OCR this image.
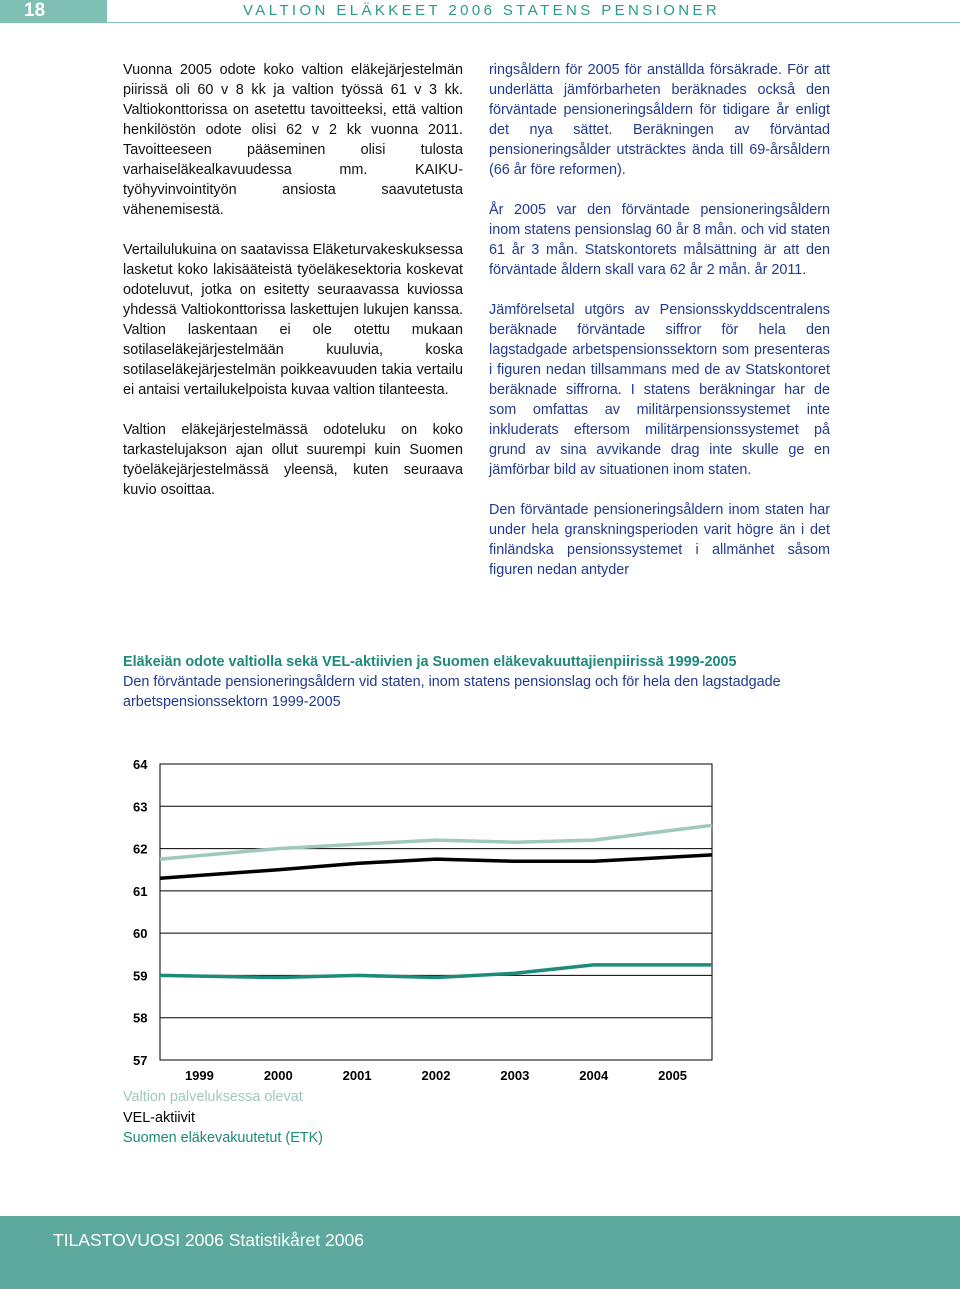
18	VALTION ELÄKKEET 2006 STATENS PENSIONER

Vuonna 2005 odote koko valtion eläkejärjestelmän piirissä oli 60 v 8 kk ja valtion työssä 61 v 3 kk. Valtiokonttorissa on asetettu tavoitteeksi, että valtion henkilöstön odote olisi 62 v 2 kk vuonna 2011. Tavoitteeseen pääseminen olisi tulosta varhaiseläkealkavuudessa mm. KAIKU-työhyvinvointityön ansiosta saavutetusta vähenemisestä.

Vertailulukuina on saatavissa Eläketurvakeskuksessa lasketut koko lakisääteistä työeläkesektoria koskevat odoteluvut, jotka on esitetty seuraavassa kuviossa yhdessä Valtiokonttorissa laskettujen lukujen kanssa. Valtion laskentaan ei ole otettu mukaan sotilaseläkejärjestelmään kuuluvia, koska sotilaseläkejärjestelmän poikkeavuuden takia vertailu ei antaisi vertailukelpoista kuvaa valtion tilanteesta.

Valtion eläkejärjestelmässä odoteluku on koko tarkastelujakson ajan ollut suurempi kuin Suomen työeläkejärjestelmässä yleensä, kuten seuraava kuvio osoittaa.

ringsåldern för 2005 för anställda försäkrade. För att underlätta jämförbarheten beräknades också den förväntade pensioneringsåldern för tidigare år enligt det nya sättet. Beräkningen av förväntad pensioneringsålder utsträcktes ända till 69-årsåldern (66 år före reformen).

År 2005 var den förväntade pensioneringsåldern inom statens pensionslag 60 år 8 mån. och vid staten 61 år 3 mån. Statskontorets målsättning är att den förväntade åldern skall vara 62 år 2 mån. år 2011.

Jämförelsetal utgörs av Pensionsskyddscentralens beräknade förväntade siffror för hela den lagstadgade arbetspensionssektorn som presenteras i figuren nedan tillsammans med de av Statskontoret beräknade siffrorna. I statens beräkningar har de som omfattas av militärpensionssystemet inte inkluderats eftersom militärpensionssystemet på grund av sina avvikande drag inte skulle ge en jämförbar bild av situationen inom staten.

Den förväntade pensioneringsåldern inom staten har under hela granskningsperioden varit högre än i det finländska pensionssystemet i allmänhet såsom figuren nedan antyder

Eläkeiän odote valtiolla sekä VEL-aktiivien ja Suomen eläkevakuuttajienpiirissä 1999-2005

Den förväntade pensioneringsåldern vid staten, inom statens pensionslag och för hela den lagstadgade arbetspensionssektorn 1999-2005

64
63
62
61
60
59
58
57
1999	2000	2001	2002	2003	2004	2005
Valtion palveluksessa olevat
VEL-aktiivit
Suomen eläkevakuutetut (ETK)
TILASTOVUOSI 2006 Statistikåret 2006
